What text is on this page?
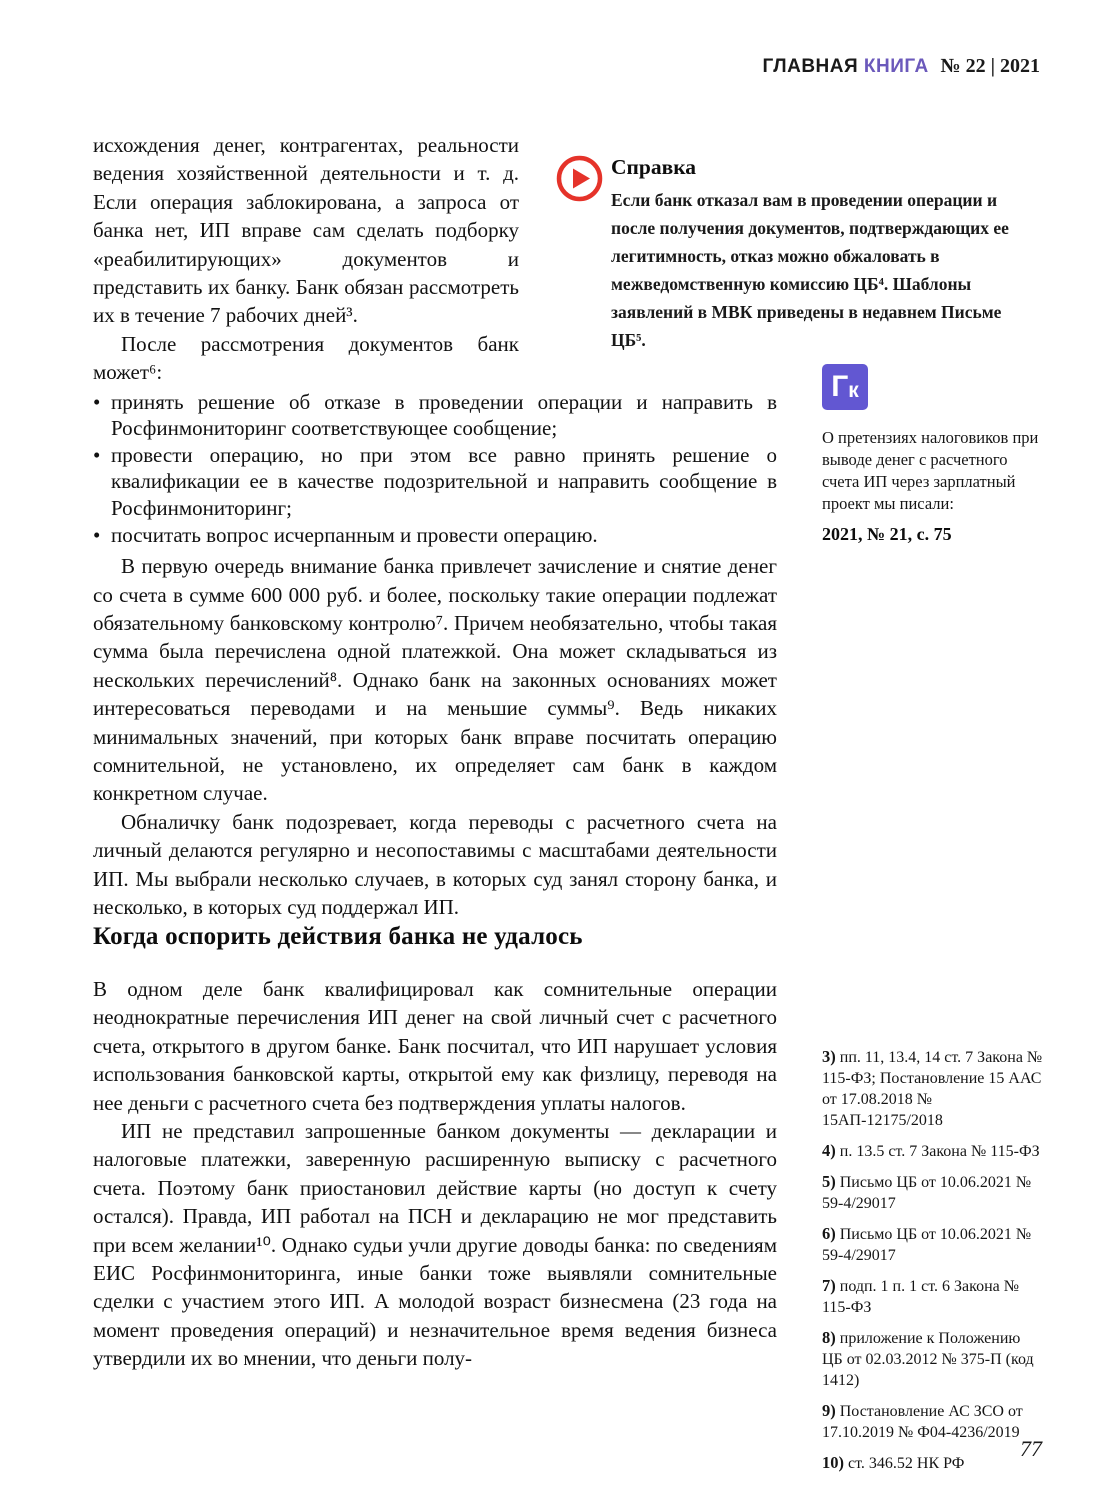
ГЛАВНАЯ КНИГА № 22 | 2021
Справка
Если банк отказал вам в проведении операции и после получения документов, подтверждающих ее легитимность, отказ можно обжаловать в межведомственную комиссию ЦБ⁴. Шаблоны заявлений в МВК приведены в недавнем Письме ЦБ⁵.

исхождения денег, контрагентах, реальности ведения хозяйственной деятельности и т. д. Если операция заблокирована, а запроса от банка нет, ИП вправе сам сделать подборку «реабилитирующих» документов и представить их банку. Банк обязан рассмотреть их в течение 7 рабочих дней³.

После рассмотрения документов банк может⁶:

• принять решение об отказе в проведении операции и направить в Росфинмониторинг соответствующее сообщение;
• провести операцию, но при этом все равно принять решение о квалификации ее в качестве подозрительной и направить сообщение в Росфинмониторинг;
• посчитать вопрос исчерпанным и провести операцию.

В первую очередь внимание банка привлечет зачисление и снятие денег со счета в сумме 600 000 руб. и более, поскольку такие операции подлежат обязательному банковскому контролю⁷. Причем необязательно, чтобы такая сумма была перечислена одной платежкой. Она может складываться из нескольких перечислений⁸. Однако банк на законных основаниях может интересоваться переводами и на меньшие суммы⁹. Ведь никаких минимальных значений, при которых банк вправе посчитать операцию сомнительной, не установлено, их определяет сам банк в каждом конкретном случае.

Обналичку банк подозревает, когда переводы с расчетного счета на личный делаются регулярно и несопоставимы с масштабами деятельности ИП. Мы выбрали несколько случаев, в которых суд занял сторону банка, и несколько, в которых суд поддержал ИП.

Когда оспорить действия банка не удалось

В одном деле банк квалифицировал как сомнительные операции неоднократные перечисления ИП денег на свой личный счет с расчетного счета, открытого в другом банке. Банк посчитал, что ИП нарушает условия использования банковской карты, открытой ему как физлицу, переводя на нее деньги с расчетного счета без подтверждения уплаты налогов.

ИП не представил запрошенные банком документы — декларации и налоговые платежки, заверенную расширенную выписку с расчетного счета. Поэтому банк приостановил действие карты (но доступ к счету остался). Правда, ИП работал на ПСН и декларацию не мог представить при всем желании¹⁰. Однако судьи учли другие доводы банка: по сведениям ЕИС Росфинмониторинга, иные банки тоже выявляли сомнительные сделки с участием этого ИП. А молодой возраст бизнесмена (23 года на момент проведения операций) и незначительное время ведения бизнеса утвердили их во мнении, что деньги полу-

Г к
О претензиях налоговиков при выводе денег с расчетного счета ИП через зарплатный проект мы писали:
2021, № 21, с. 75

3) пп. 11, 13.4, 14 ст. 7 Закона № 115-ФЗ; Постановление 15 ААС от 17.08.2018 № 15АП-12175/2018

4) п. 13.5 ст. 7 Закона № 115-ФЗ

5) Письмо ЦБ от 10.06.2021 № 59-4/29017

6) Письмо ЦБ от 10.06.2021 № 59-4/29017

7) подп. 1 п. 1 ст. 6 Закона № 115-ФЗ

8) приложение к Положению ЦБ от 02.03.2012 № 375-П (код 1412)

9) Постановление АС ЗСО от 17.10.2019 № Ф04-4236/2019

10) ст. 346.52 НК РФ

77
